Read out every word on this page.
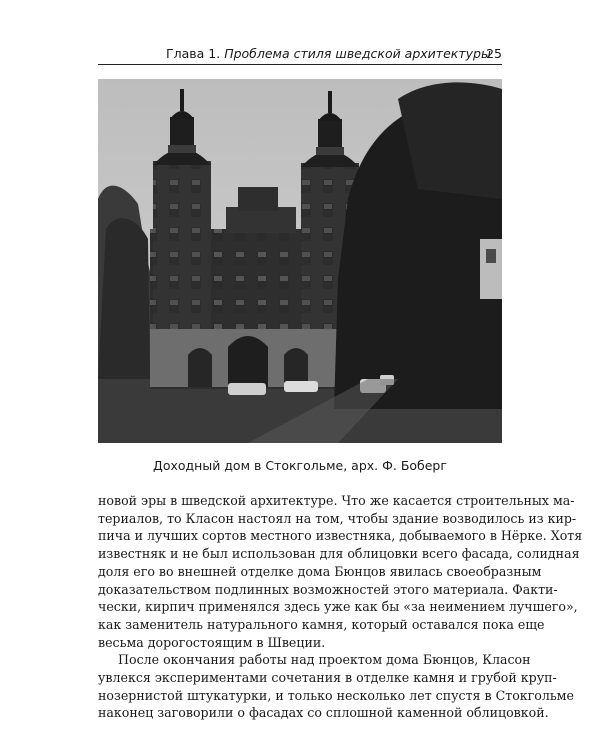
Глава 1. Проблема стиля шведской архитектуры
25
Доходный дом в Стокгольме, арх. Ф. Боберг

новой эры в шведской архитектуре. Что же касается строительных ма-
териалов, то Класон настоял на том, чтобы здание возводилось из кир-
пича и лучших сортов местного известняка, добываемого в Нёрке. Хотя
известняк и не был использован для облицовки всего фасада, солидная
доля его во внешней отделке дома Бюнцов явилась своеобразным
доказательством подлинных возможностей этого материала. Факти-
чески, кирпич применялся здесь уже как бы «за неимением лучшего»,
как заменитель натурального камня, который оставался пока еще
весьма дорогостоящим в Швеции.

После окончания работы над проектом дома Бюнцов, Класон
увлекся экспериментами сочетания в отделке камня и грубой круп-
нозернистой штукатурки, и только несколько лет спустя в Стокгольме
наконец заговорили о фасадах со сплошной каменной облицовкой.
